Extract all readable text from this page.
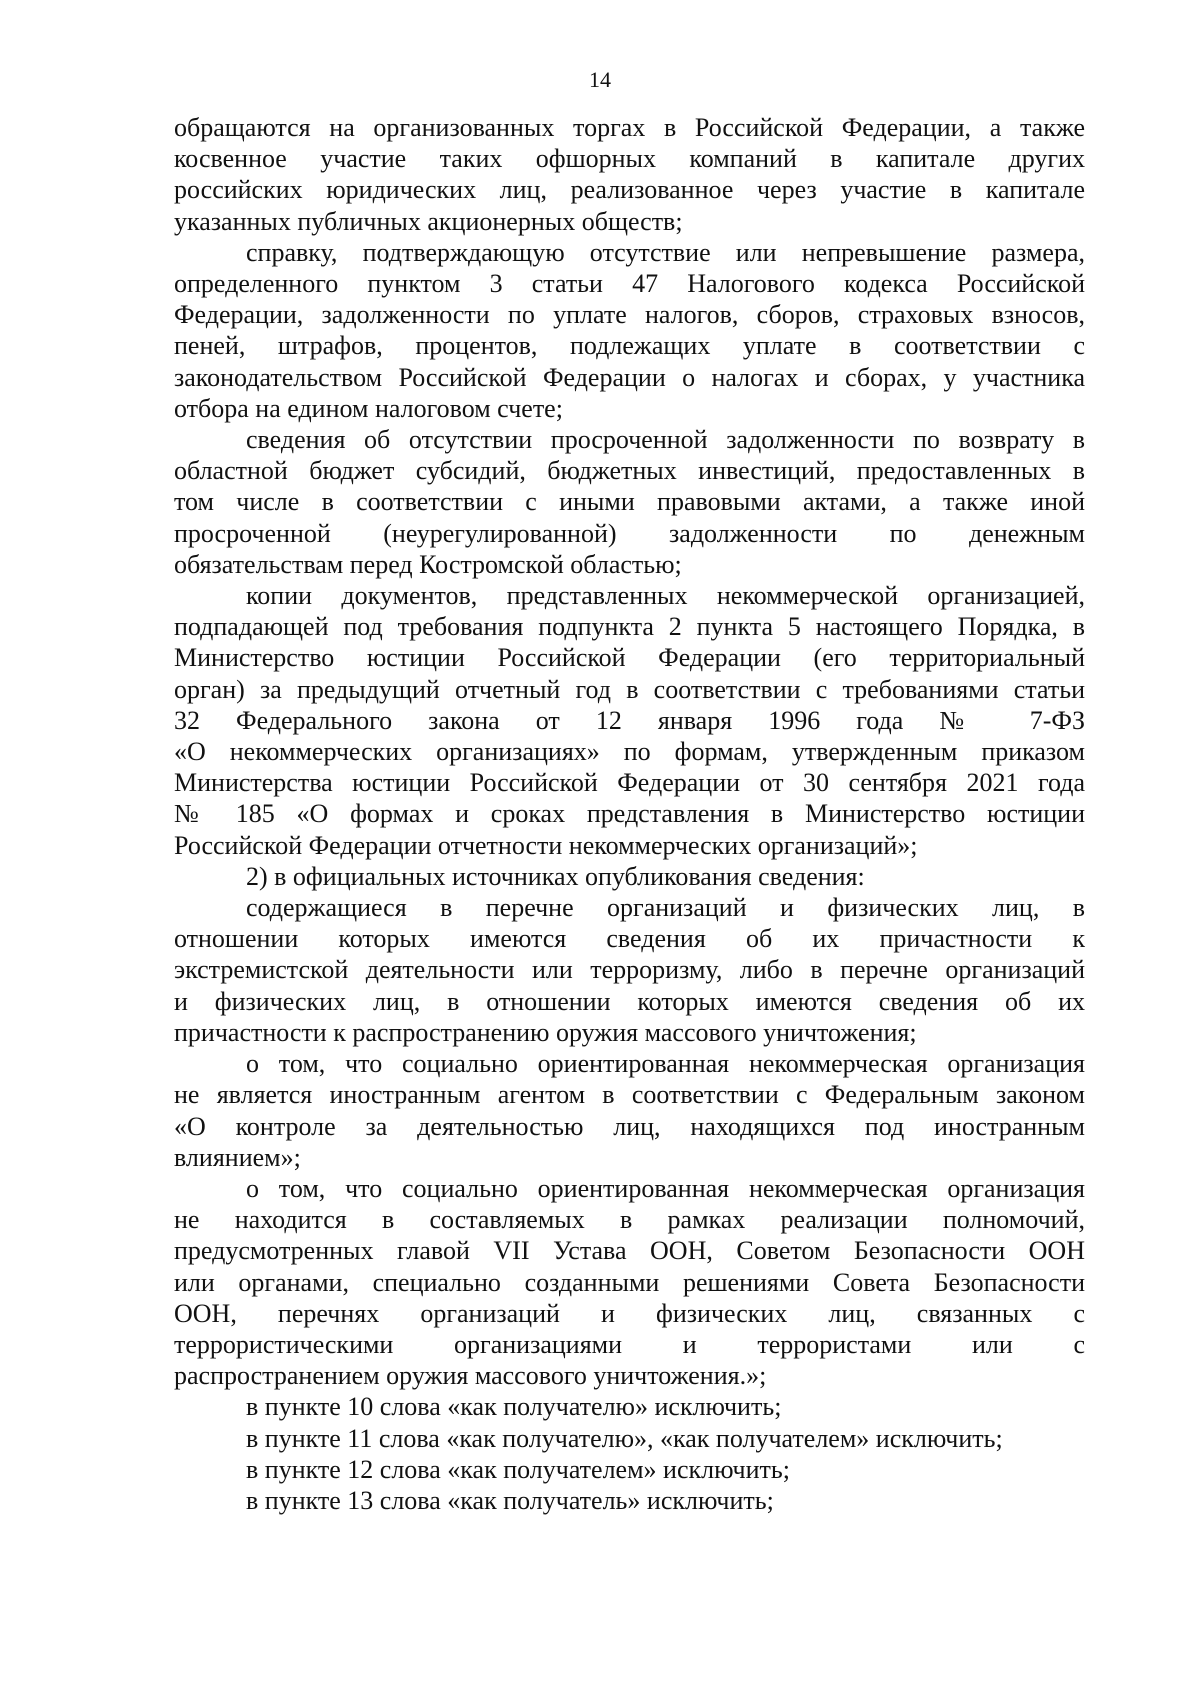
14
обращаются на организованных торгах в Российской Федерации, а также
косвенное участие таких офшорных компаний в капитале других
российских юридических лиц, реализованное через участие в капитале
указанных публичных акционерных обществ;
справку, подтверждающую отсутствие или непревышение размера,
определенного пунктом 3 статьи 47 Налогового кодекса Российской
Федерации, задолженности по уплате налогов, сборов, страховых взносов,
пеней, штрафов, процентов, подлежащих уплате в соответствии с
законодательством Российской Федерации о налогах и сборах, у участника
отбора на едином налоговом счете;
сведения об отсутствии просроченной задолженности по возврату в
областной бюджет субсидий, бюджетных инвестиций, предоставленных в
том числе в соответствии с иными правовыми актами, а также иной
просроченной (неурегулированной) задолженности по денежным
обязательствам перед Костромской областью;
копии документов, представленных некоммерческой организацией,
подпадающей под требования подпункта 2 пункта 5 настоящего Порядка, в
Министерство юстиции Российской Федерации (его территориальный
орган) за предыдущий отчетный год в соответствии с требованиями статьи
32 Федерального закона от 12 января 1996 года № 7-ФЗ
«О некоммерческих организациях» по формам, утвержденным приказом
Министерства юстиции Российской Федерации от 30 сентября 2021 года
№ 185 «О формах и сроках представления в Министерство юстиции
Российской Федерации отчетности некоммерческих организаций»;
2) в официальных источниках опубликования сведения:
содержащиеся в перечне организаций и физических лиц, в
отношении которых имеются сведения об их причастности к
экстремистской деятельности или терроризму, либо в перечне организаций
и физических лиц, в отношении которых имеются сведения об их
причастности к распространению оружия массового уничтожения;
о том, что социально ориентированная некоммерческая организация
не является иностранным агентом в соответствии с Федеральным законом
«О контроле за деятельностью лиц, находящихся под иностранным
влиянием»;
о том, что социально ориентированная некоммерческая организация
не находится в составляемых в рамках реализации полномочий,
предусмотренных главой VII Устава ООН, Советом Безопасности ООН
или органами, специально созданными решениями Совета Безопасности
ООН, перечнях организаций и физических лиц, связанных с
террористическими организациями и террористами или с
распространением оружия массового уничтожения.»;
в пункте 10 слова «как получателю» исключить;
в пункте 11 слова «как получателю», «как получателем» исключить;
в пункте 12 слова «как получателем» исключить;
в пункте 13 слова «как получатель» исключить;
